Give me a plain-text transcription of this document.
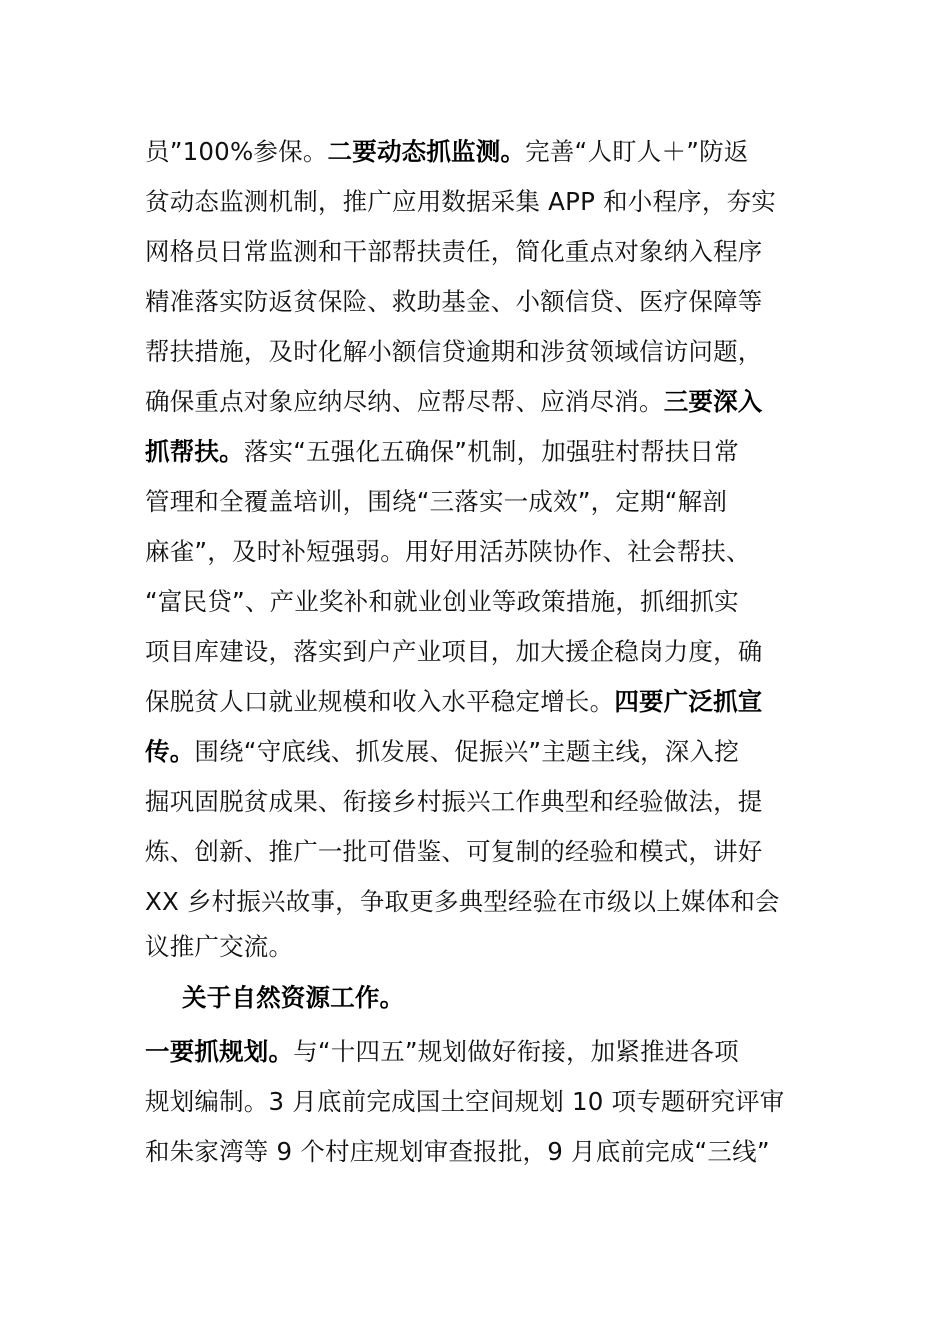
员”100%参保。二要动态抓监测。完善“人盯人＋”防返
贫动态监测机制，推广应用数据采集 APP 和小程序，夯实
网格员日常监测和干部帮扶责任，简化重点对象纳入程序
精准落实防返贫保险、救助基金、小额信贷、医疗保障等
帮扶措施，及时化解小额信贷逾期和涉贫领域信访问题，
确保重点对象应纳尽纳、应帮尽帮、应消尽消。三要深入
抓帮扶。落实“五强化五确保”机制，加强驻村帮扶日常
管理和全覆盖培训，围绕“三落实一成效”，定期“解剖
麻雀”，及时补短强弱。用好用活苏陕协作、社会帮扶、
“富民贷”、产业奖补和就业创业等政策措施，抓细抓实
项目库建设，落实到户产业项目，加大援企稳岗力度，确
保脱贫人口就业规模和收入水平稳定增长。四要广泛抓宣
传。围绕“守底线、抓发展、促振兴”主题主线，深入挖
掘巩固脱贫成果、衔接乡村振兴工作典型和经验做法，提
炼、创新、推广一批可借鉴、可复制的经验和模式，讲好
XX 乡村振兴故事，争取更多典型经验在市级以上媒体和会
议推广交流。
关于自然资源工作。
一要抓规划。与“十四五”规划做好衔接，加紧推进各项
规划编制。3 月底前完成国土空间规划 10 项专题研究评审
和朱家湾等 9 个村庄规划审查报批，9 月底前完成“三线”
